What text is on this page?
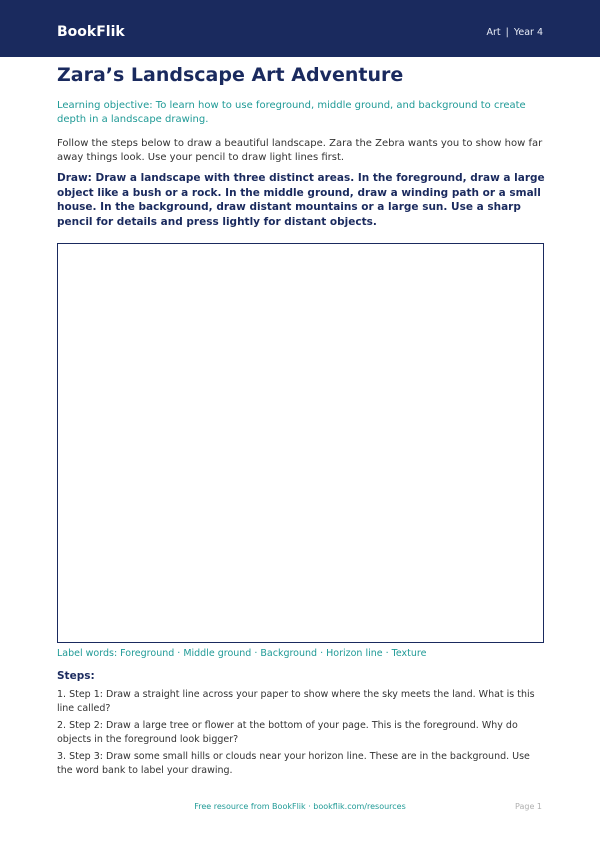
BookFlik	Art | Year 4
Zara’s Landscape Art Adventure

Learning objective: To learn how to use foreground, middle ground, and background to create depth in a landscape drawing.

Follow the steps below to draw a beautiful landscape. Zara the Zebra wants you to show how far away things look. Use your pencil to draw light lines first.

Draw: Draw a landscape with three distinct areas. In the foreground, draw a large object like a bush or a rock. In the middle ground, draw a winding path or a small house. In the background, draw distant mountains or a large sun. Use a sharp pencil for details and press lightly for distant objects.

Label words: Foreground · Middle ground · Background · Horizon line · Texture

Steps:
1. Step 1: Draw a straight line across your paper to show where the sky meets the land. What is this line called?
2. Step 2: Draw a large tree or flower at the bottom of your page. This is the foreground. Why do objects in the foreground look bigger?
3. Step 3: Draw some small hills or clouds near your horizon line. These are in the background. Use the word bank to label your drawing.
Free resource from BookFlik · bookflik.com/resources	Page 1
